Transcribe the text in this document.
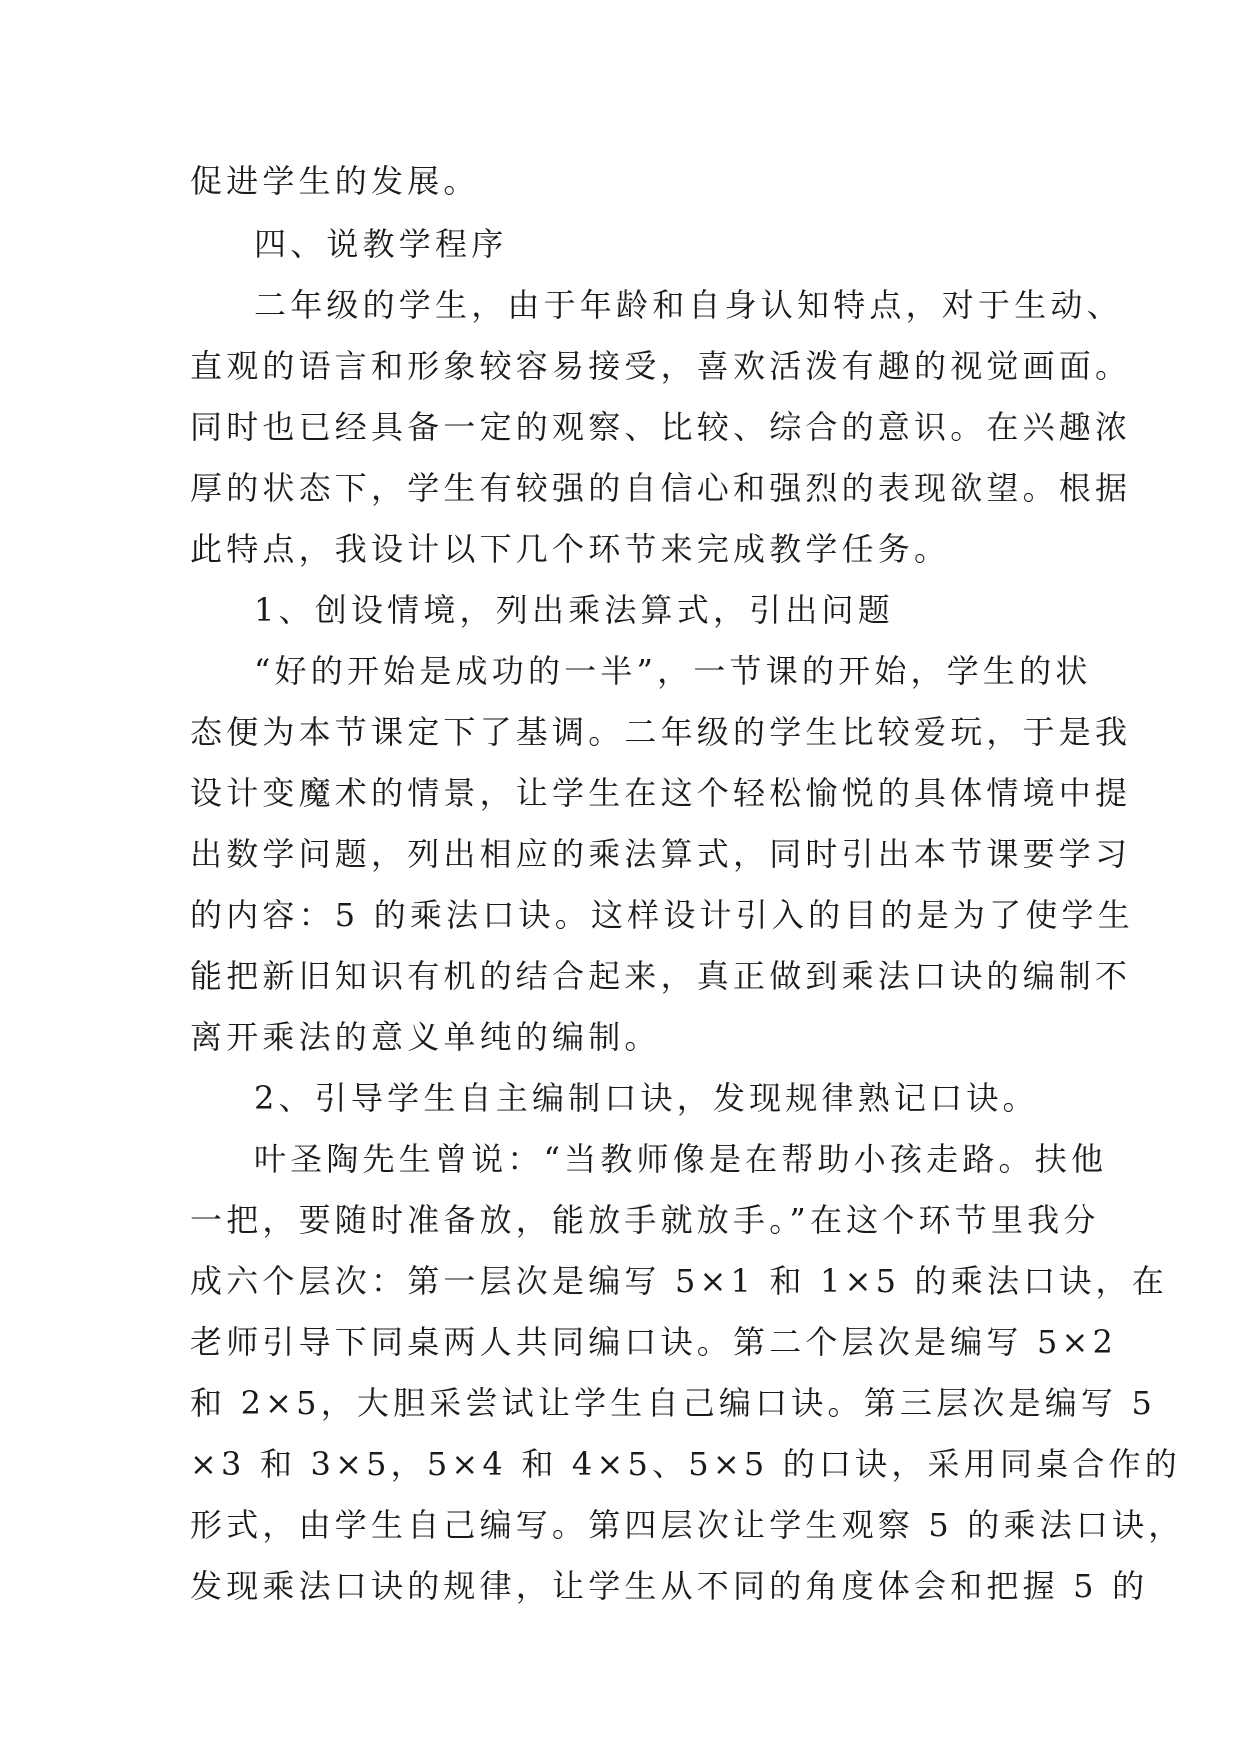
促进学生的发展。
四、说教学程序
二年级的学生，由于年龄和自身认知特点，对于生动、
直观的语言和形象较容易接受，喜欢活泼有趣的视觉画面。
同时也已经具备一定的观察、比较、综合的意识。在兴趣浓
厚的状态下，学生有较强的自信心和强烈的表现欲望。根据
此特点，我设计以下几个环节来完成教学任务。
1、创设情境，列出乘法算式，引出问题
“好的开始是成功的一半”，一节课的开始，学生的状
态便为本节课定下了基调。二年级的学生比较爱玩，于是我
设计变魔术的情景，让学生在这个轻松愉悦的具体情境中提
出数学问题，列出相应的乘法算式，同时引出本节课要学习
的内容：5 的乘法口诀。这样设计引入的目的是为了使学生
能把新旧知识有机的结合起来，真正做到乘法口诀的编制不
离开乘法的意义单纯的编制。
2、引导学生自主编制口诀，发现规律熟记口诀。
叶圣陶先生曾说：“当教师像是在帮助小孩走路。扶他
一把，要随时准备放，能放手就放手。”在这个环节里我分
成六个层次：第一层次是编写 5×1 和 1×5 的乘法口诀，在
老师引导下同桌两人共同编口诀。第二个层次是编写 5×2
和 2×5，大胆采尝试让学生自己编口诀。第三层次是编写 5
×3 和 3×5，5×4 和 4×5、5×5 的口诀，采用同桌合作的
形式，由学生自己编写。第四层次让学生观察 5 的乘法口诀，
发现乘法口诀的规律，让学生从不同的角度体会和把握 5 的
